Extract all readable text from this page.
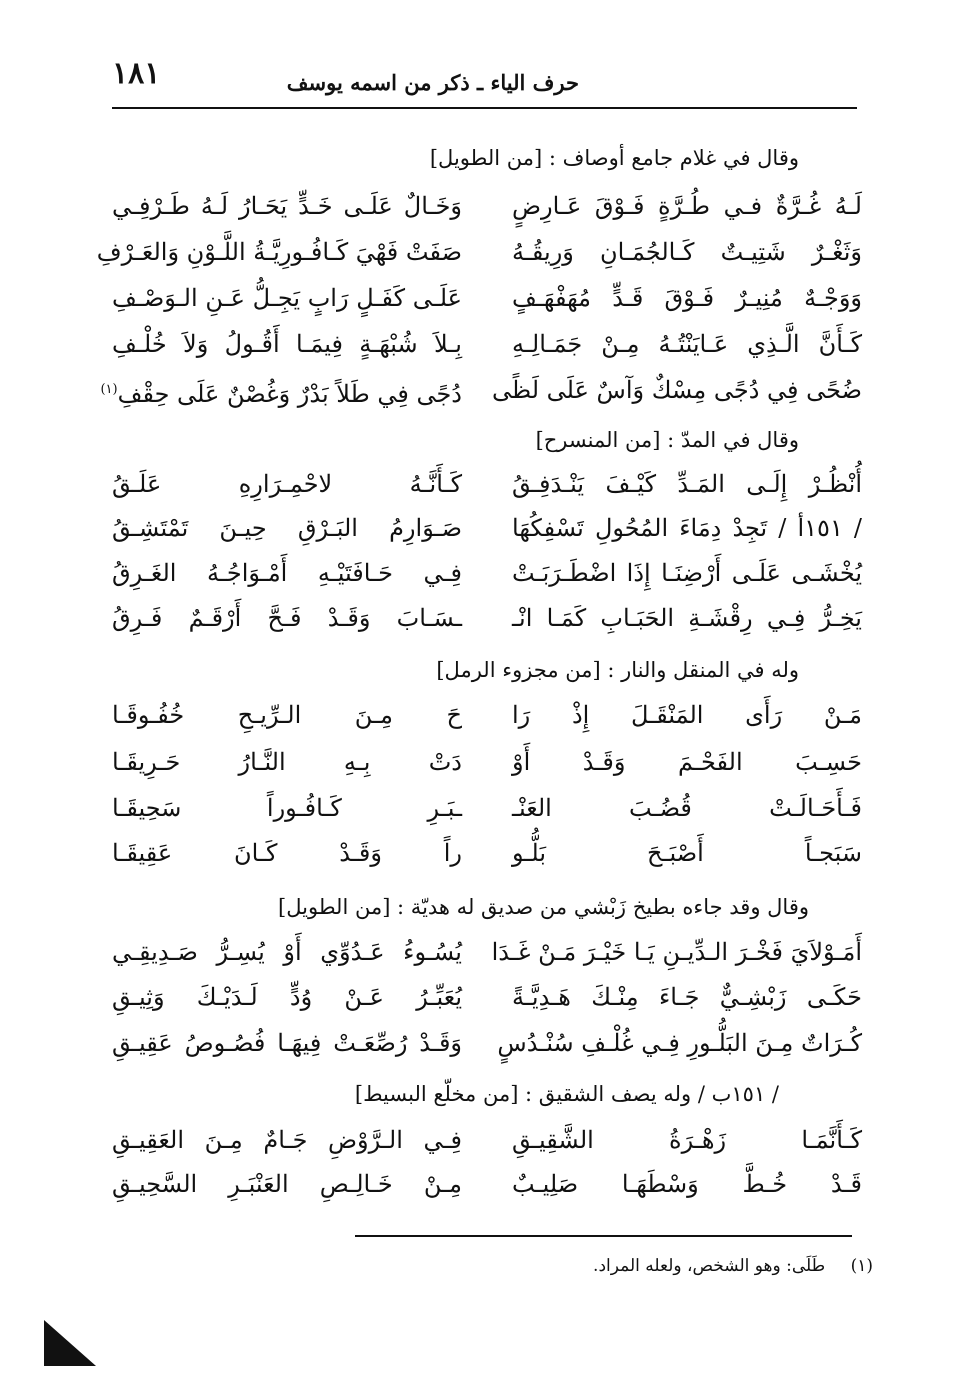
١٨١	حرف الياء ـ ذكر من اسمه يوسف
وقال في غلام جامع أوصاف : [من الطويل]
لَـهُ غُـرَّةٌ فـي طُـرَّةٍ فَـوْقَ عَـارِضٍ
وَخَـالٌ عَلَـى خَـدٍّ يَحَـارُ لَـهُ طَـرْفِـي
وَثَغْـرٌ شَتِيـتٌ كَـالجُمَـانِ وَرِيقُـهُ
صَفَتْ فَهْيَ كَـافُـورِيَّـةُ اللَّـوْنِ وَالعَـرْفِ
وَوَجْـهٌ مُنِيـرٌ فَـوْقَ قَـدٍّ مُهَفْهَـفٍ
عَلَـى كَفَـلٍ رَابٍ يَجِـلُّ عَـنِ الـوَصْـفِ
كَـأَنَّ الَّـذِي عَـايَنْتُـهُ مِـنْ جَمَـالِـهِ
بِـلاَ شُبْهَـةٍ فِيمَـا أَقُـولُ وَلاَ خُلْـفِ
ضُحًى فِي دُجًى مِسْكٌ وَآسٌ عَلَى لَظًى
دُجًى فِي طَلاً بَدْرٌ وَغُصْنٌ عَلَى حِقْفِ$^{(١)}$
وقال في المدّ : [من المنسرح]
أُنْظُـرْ إِلَـى المَـدِّ كَيْـفَ يَنْـدَفِـقُ
كَـأَنَّـهُ لاحْمِـرَارِهِ عَلَـقُ
/ ١٥١أ / تَجِدْ دِمَاءَ المُحُولِ تَسْفِكُهَا
صَـوَارِمُ البَـرْقِ حِيـنَ تَمْتَشِـقُ
يُخْشَـى عَلَـى أَرْضِنَـا إِذَا اضْطَـرَبَـتْ
فِـي حَـافَتَيْـهِ أَمْـوَاجُـهُ الغَـرِقُ
يَخِـرُّ فِـي رِقْشَـةِ الحَبَـابِ كَمَـا انْـ
ـسَـابَ وَقَـدْ فَـحَّ أَرْقَـمٌ فَـرِقُ
وله في المنقل والنار : [من مجزوء الرمل]
مَـنْ رَأَى المَنْقَـلَ إِذْ رَا
حَ مِـنَ الـرِّيـحِ خُفُـوقَـا
حَسِـبَ الفَحْـمَ وَقَـدْ أَوْ
دَتْ بِـهِ النَّـارُ حَـرِيقَـا
فَـأَحَـالَـتْ قُضُـبَ العَنْـ
ـبَـرِ كَـافُـوراً سَحِيقَـا
سَبَجـاً أَصْبَـحَ بَلُّـو
راً وَقَـدْ كَـانَ عَقِيقَـا
وقال وقد جاءه بطيخ زَبْشي من صديق له هديّة : [من الطويل]
أَمَـوْلاَيَ فَخْـرَ الـدِّيـنِ يَـا خَيْـرَ مَـنْ غَـدَا
يُسُـوءُ عَـدُوِّي أَوْ يُسِـرُّ صَـدِيقِـي
حَكَـى زَبْشِـيٌّ جَـاءَ مِنْـكَ هَـدِيَّـةً
يُعَبِّـرُ عَـنْ وُدٍّ لَـدَيْـكَ وَثِيـقِ
كُـرَاتٌ مِـنَ البَلُّـورِ فِـي غُلْـفِ سُنْـدُسٍ
وَقَـدْ رُصِّعَـتْ فِيهَـا فُصُـوصُ عَقِيـقِ
/ ١٥١ب / وله يصف الشقيق : [من مخلّع البسيط]
كَـأَنَّمَـا زَهْـرَةُ الشَّقِيـقِ
فِـي الـرَّوْضِ جَـامٌ مِـنَ العَقِيـقِ
قَـدْ خُـطَّ وَسْطَهَـا صَلِيـبٌ
مِـنْ خَـالِـصِ العَنْبَـرِ السَّحِيـقِ
(١) طَلَى: وهو الشخص، ولعله المراد.
